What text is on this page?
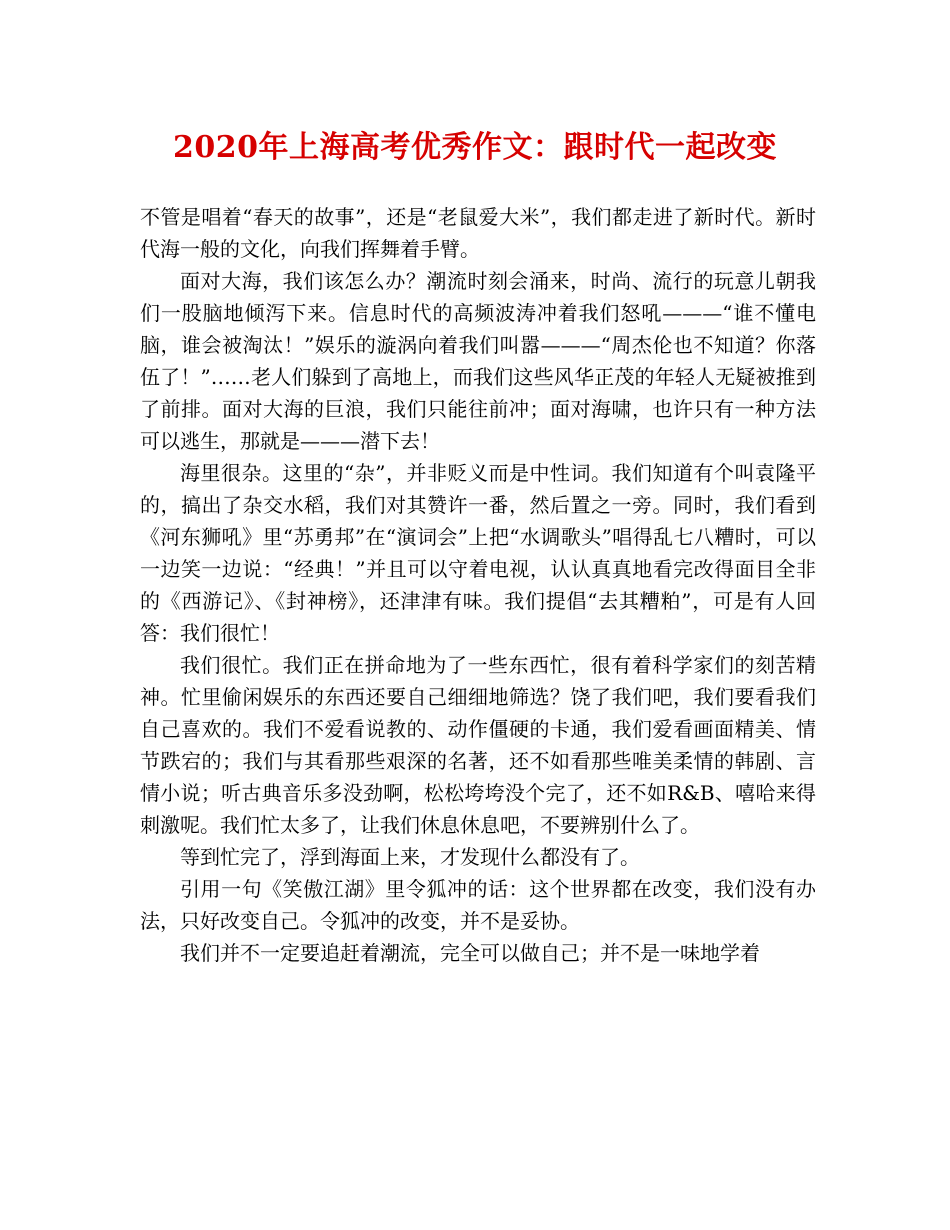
2020年上海高考优秀作文：跟时代一起改变

不管是唱着“春天的故事”，还是“老鼠爱大米”，我们都走进了新时代。新时代海一般的文化，向我们挥舞着手臂。

面对大海，我们该怎么办？潮流时刻会涌来，时尚、流行的玩意儿朝我们一股脑地倾泻下来。信息时代的高频波涛冲着我们怒吼———“谁不懂电脑，谁会被淘汰！”娱乐的漩涡向着我们叫嚣———“周杰伦也不知道？你落伍了！”……老人们躲到了高地上，而我们这些风华正茂的年轻人无疑被推到了前排。面对大海的巨浪，我们只能往前冲；面对海啸，也许只有一种方法可以逃生，那就是———潜下去！

海里很杂。这里的“杂”，并非贬义而是中性词。我们知道有个叫袁隆平的，搞出了杂交水稻，我们对其赞许一番，然后置之一旁。同时，我们看到《河东狮吼》里“苏勇邦”在“演词会”上把“水调歌头”唱得乱七八糟时，可以一边笑一边说：“经典！”并且可以守着电视，认认真真地看完改得面目全非的《西游记》、《封神榜》，还津津有味。我们提倡“去其糟粕”，可是有人回答：我们很忙！

我们很忙。我们正在拼命地为了一些东西忙，很有着科学家们的刻苦精神。忙里偷闲娱乐的东西还要自己细细地筛选？饶了我们吧，我们要看我们自己喜欢的。我们不爱看说教的、动作僵硬的卡通，我们爱看画面精美、情节跌宕的；我们与其看那些艰深的名著，还不如看那些唯美柔情的韩剧、言情小说；听古典音乐多没劲啊，松松垮垮没个完了，还不如R&B、嘻哈来得刺激呢。我们忙太多了，让我们休息休息吧，不要辨别什么了。

等到忙完了，浮到海面上来，才发现什么都没有了。

引用一句《笑傲江湖》里令狐冲的话：这个世界都在改变，我们没有办法，只好改变自己。令狐冲的改变，并不是妥协。

我们并不一定要追赶着潮流，完全可以做自己；并不是一味地学着
